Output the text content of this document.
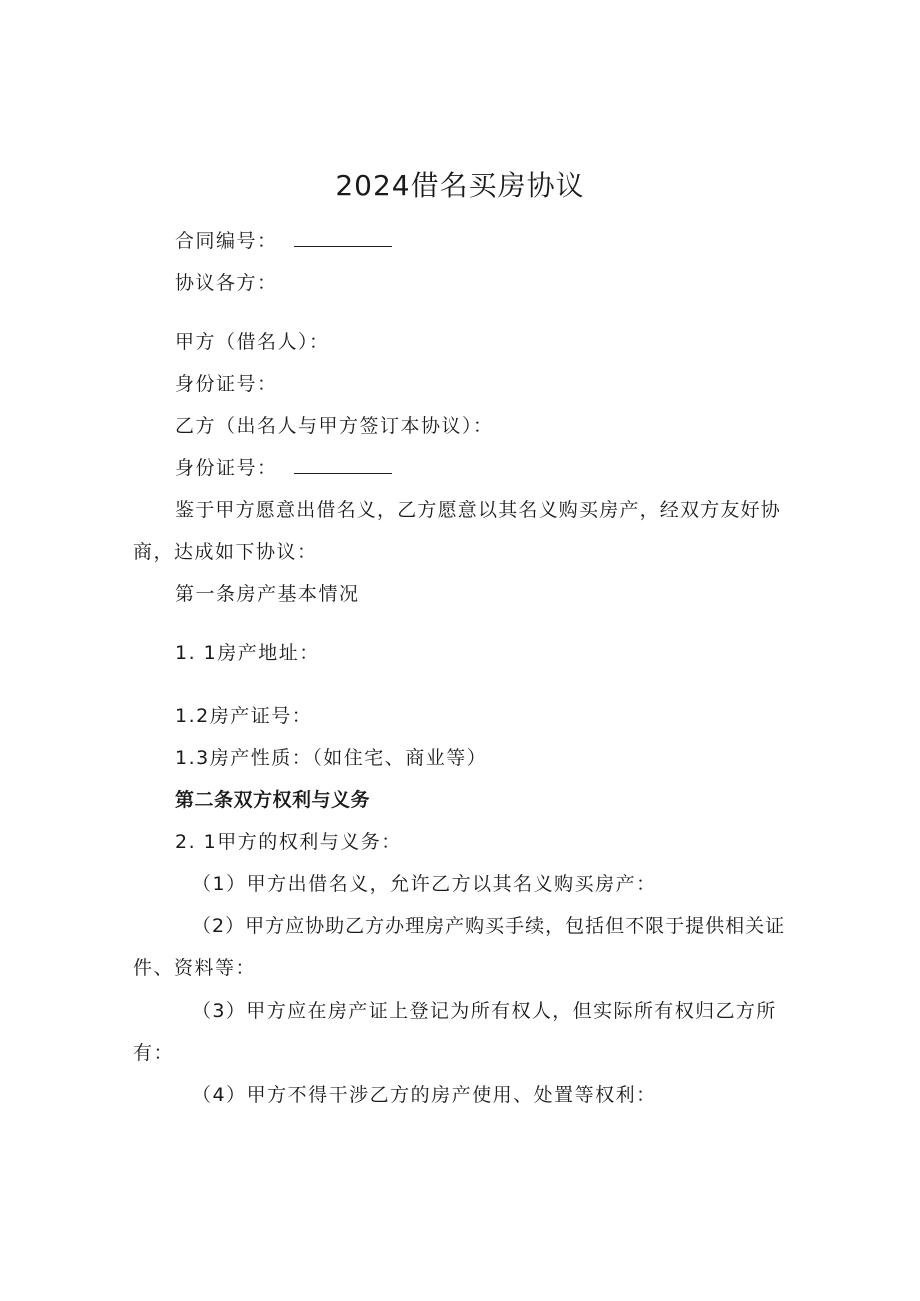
2024借名买房协议
合同编号：
协议各方：
甲方（借名人）：
身份证号：
乙方（出名人与甲方签订本协议）：
身份证号：
鉴于甲方愿意出借名义，乙方愿意以其名义购买房产，经双方友好协
商，达成如下协议：
第一条房产基本情况
1. 1房产地址：
1.2房产证号：
1.3房产性质：（如住宅、商业等）
第二条双方权利与义务
2. 1甲方的权利与义务：
（1）甲方出借名义，允许乙方以其名义购买房产：
（2）甲方应协助乙方办理房产购买手续，包括但不限于提供相关证
件、资料等：
（3）甲方应在房产证上登记为所有权人，但实际所有权归乙方所
有：
（4）甲方不得干涉乙方的房产使用、处置等权利：
